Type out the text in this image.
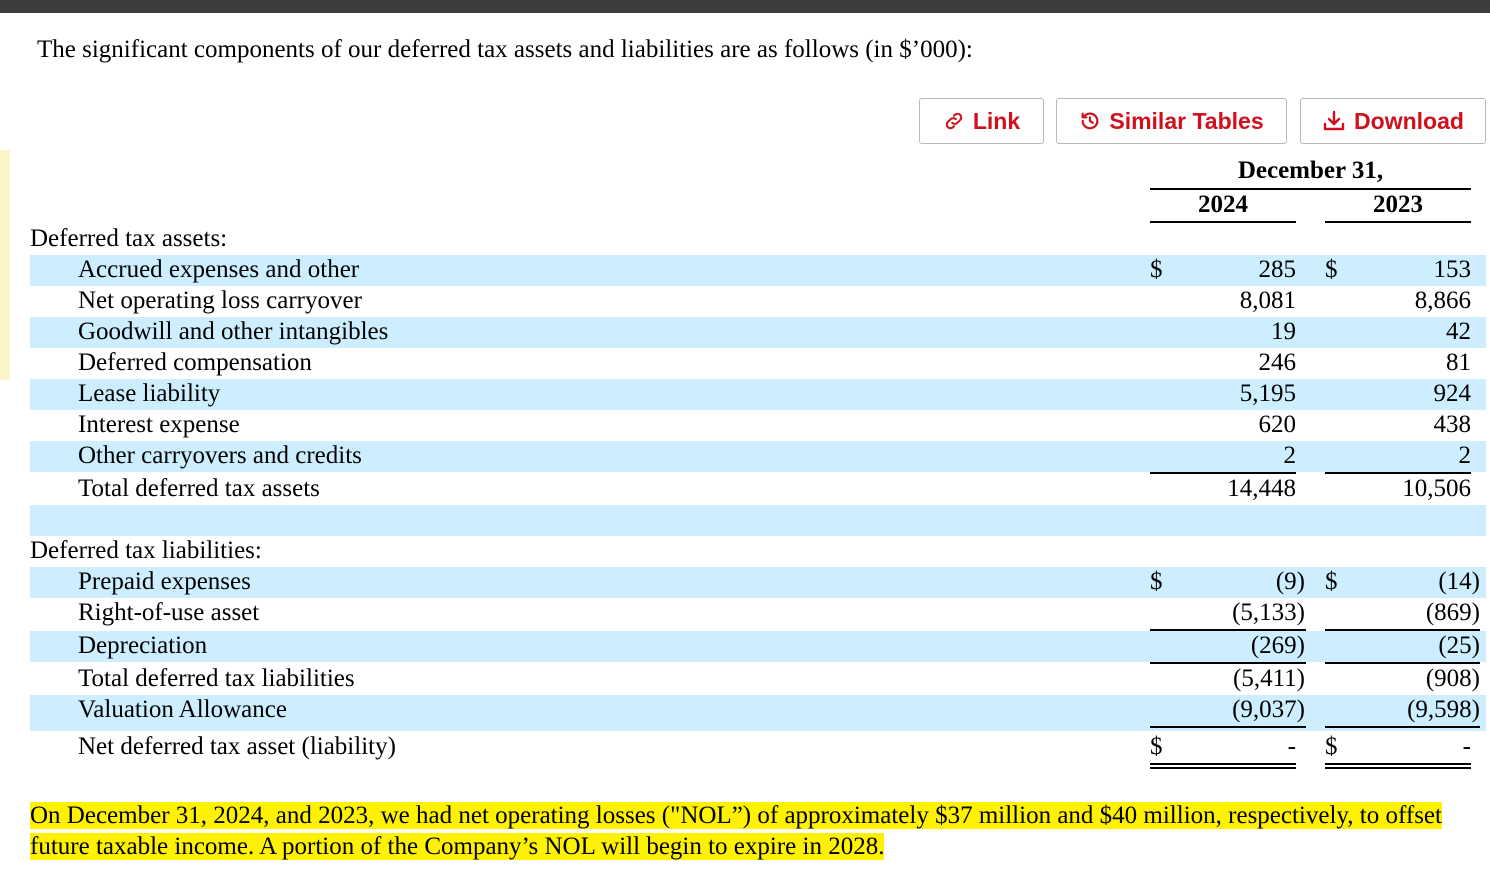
The significant components of our deferred tax assets and liabilities are as follows (in $’000):
Link	Similar Tables	Download
December 31,
2024	2023
Deferred tax assets:
Accrued expenses and other	$	285 $	153
Net operating loss carryover	8,081	8,866
Goodwill and other intangibles	19	42
Deferred compensation	246	81
Lease liability	5,195	924
Interest expense	620	438
Other carryovers and credits	2	2
Total deferred tax assets	14,448	10,506
Deferred tax liabilities:
Prepaid expenses	$	(9) $	(14)
Right-of-use asset	(5,133)	(869)
Depreciation	(269)	(25)
Total deferred tax liabilities	(5,411)	(908)
Valuation Allowance	(9,037)	(9,598)
Net deferred tax asset (liability)	$	- $	-
On December 31, 2024, and 2023, we had net operating losses ("NOL”) of approximately $37 million and $40 million, respectively, to offset future taxable income. A portion of the Company’s NOL will begin to expire in 2028.
